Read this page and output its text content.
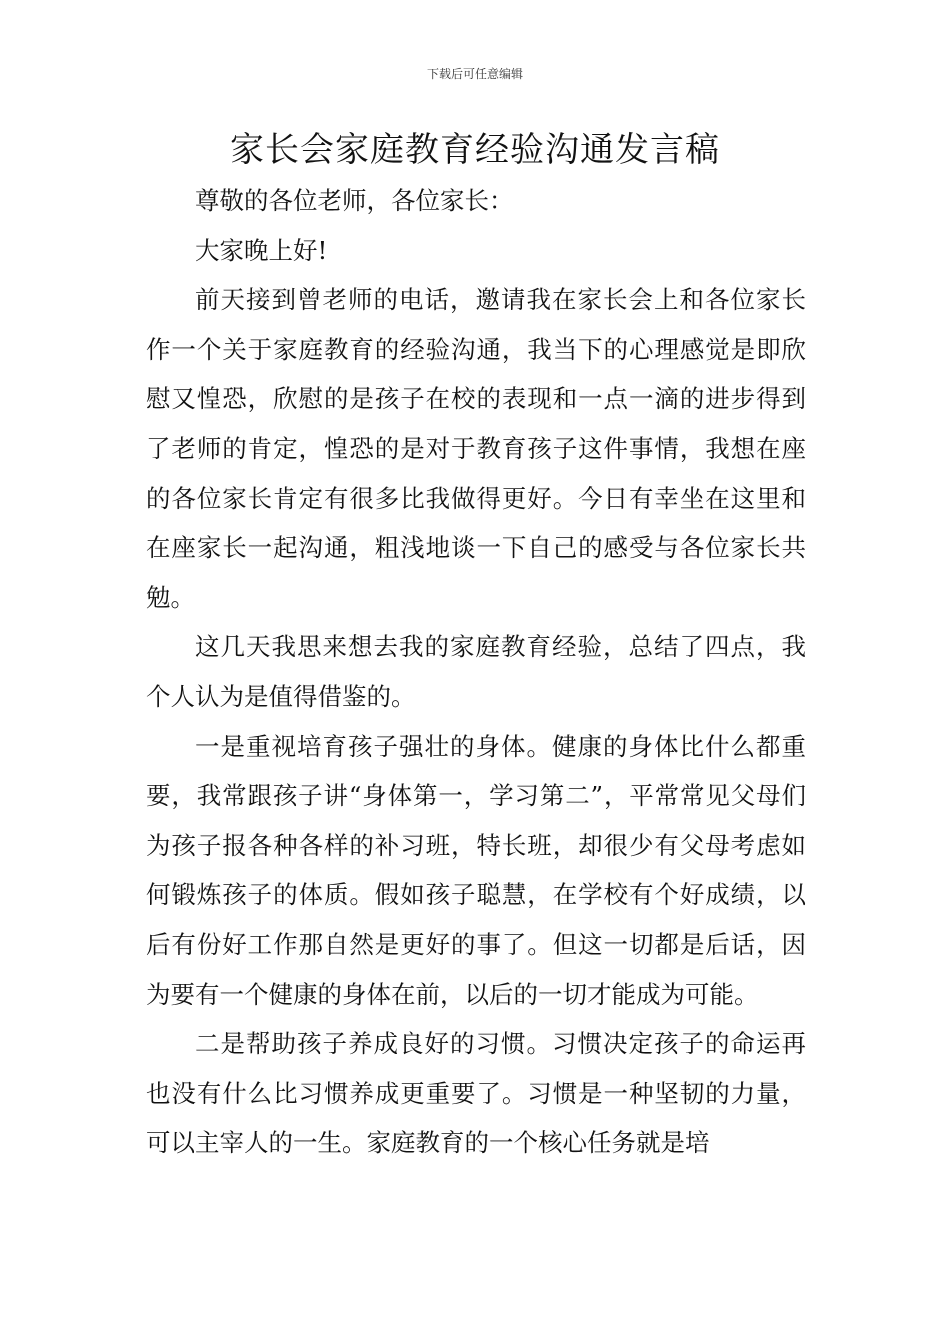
下载后可任意编辑
家长会家庭教育经验沟通发言稿

尊敬的各位老师，各位家长：

大家晚上好!

前天接到曾老师的电话，邀请我在家长会上和各位家长作一个关于家庭教育的经验沟通，我当下的心理感觉是即欣慰又惶恐，欣慰的是孩子在校的表现和一点一滴的进步得到了老师的肯定，惶恐的是对于教育孩子这件事情，我想在座的各位家长肯定有很多比我做得更好。今日有幸坐在这里和在座家长一起沟通，粗浅地谈一下自己的感受与各位家长共勉。

这几天我思来想去我的家庭教育经验，总结了四点，我个人认为是值得借鉴的。

一是重视培育孩子强壮的身体。健康的身体比什么都重要，我常跟孩子讲“身体第一，学习第二”，平常常见父母们为孩子报各种各样的补习班，特长班，却很少有父母考虑如何锻炼孩子的体质。假如孩子聪慧，在学校有个好成绩，以后有份好工作那自然是更好的事了。但这一切都是后话，因为要有一个健康的身体在前，以后的一切才能成为可能。

二是帮助孩子养成良好的习惯。习惯决定孩子的命运再也没有什么比习惯养成更重要了。习惯是一种坚韧的力量，可以主宰人的一生。家庭教育的一个核心任务就是培
